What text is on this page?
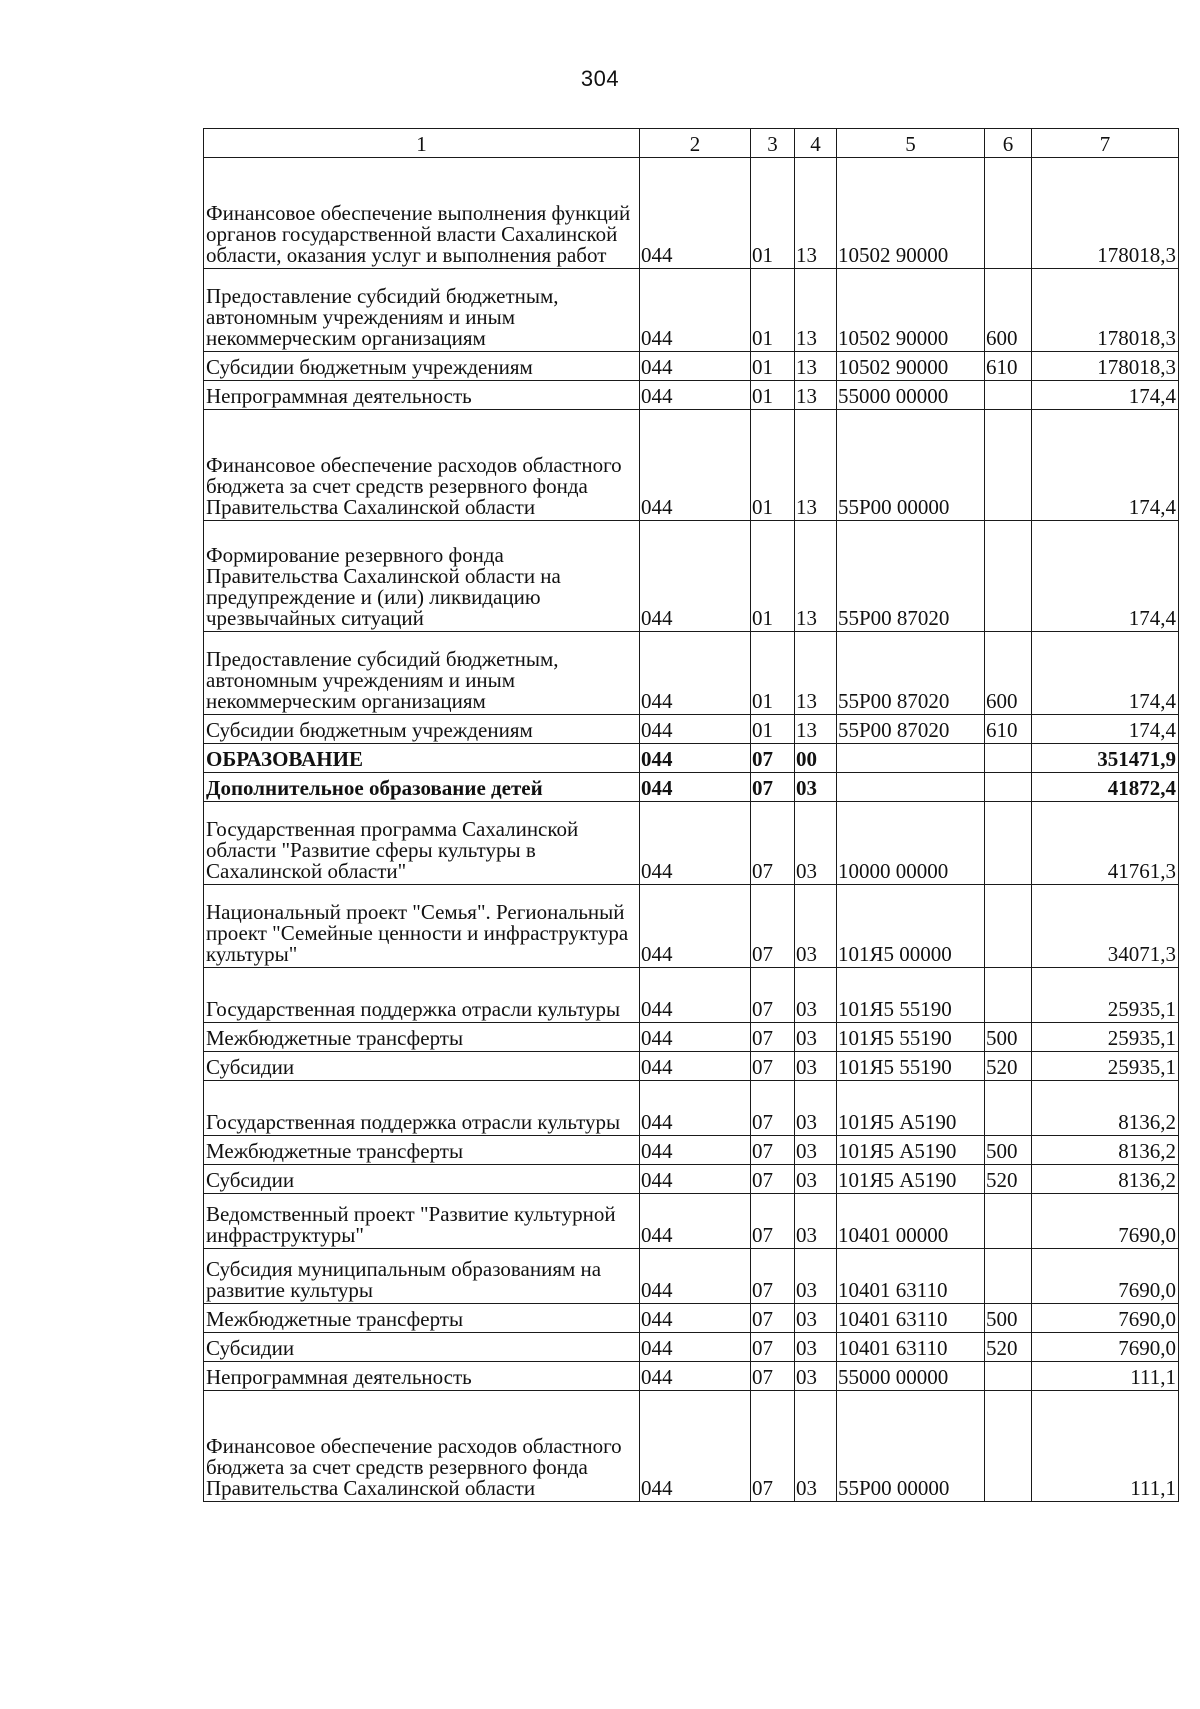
304
1	2	3	4	5	6	7
Финансовое обеспечение выполнения функций органов государственной власти Сахалинской области, оказания услуг и выполнения работ	044	01	13	10502 90000		178018,3
Предоставление субсидий бюджетным, автономным учреждениям и иным некоммерческим организациям	044	01	13	10502 90000	600	178018,3
Субсидии бюджетным учреждениям	044	01	13	10502 90000	610	178018,3
Непрограммная деятельность	044	01	13	55000 00000		174,4
Финансовое обеспечение расходов областного бюджета за счет средств резервного фонда Правительства Сахалинской области	044	01	13	55Р00 00000		174,4
Формирование резервного фонда Правительства Сахалинской области на предупреждение и (или) ликвидацию чрезвычайных ситуаций	044	01	13	55Р00 87020		174,4
Предоставление субсидий бюджетным, автономным учреждениям и иным некоммерческим организациям	044	01	13	55Р00 87020	600	174,4
Субсидии бюджетным учреждениям	044	01	13	55Р00 87020	610	174,4
ОБРАЗОВАНИЕ	044	07	00			351471,9
Дополнительное образование детей	044	07	03			41872,4
Государственная программа Сахалинской области "Развитие сферы культуры в Сахалинской области"	044	07	03	10000 00000		41761,3
Национальный проект "Семья". Региональный проект "Семейные ценности и инфраструктура культуры"	044	07	03	101Я5 00000		34071,3
Государственная поддержка отрасли культуры	044	07	03	101Я5 55190		25935,1
Межбюджетные трансферты	044	07	03	101Я5 55190	500	25935,1
Субсидии	044	07	03	101Я5 55190	520	25935,1
Государственная поддержка отрасли культуры	044	07	03	101Я5 А5190		8136,2
Межбюджетные трансферты	044	07	03	101Я5 А5190	500	8136,2
Субсидии	044	07	03	101Я5 А5190	520	8136,2
Ведомственный проект "Развитие культурной инфраструктуры"	044	07	03	10401 00000		7690,0
Субсидия муниципальным образованиям на развитие культуры	044	07	03	10401 63110		7690,0
Межбюджетные трансферты	044	07	03	10401 63110	500	7690,0
Субсидии	044	07	03	10401 63110	520	7690,0
Непрограммная деятельность	044	07	03	55000 00000		111,1
Финансовое обеспечение расходов областного бюджета за счет средств резервного фонда Правительства Сахалинской области	044	07	03	55Р00 00000		111,1
